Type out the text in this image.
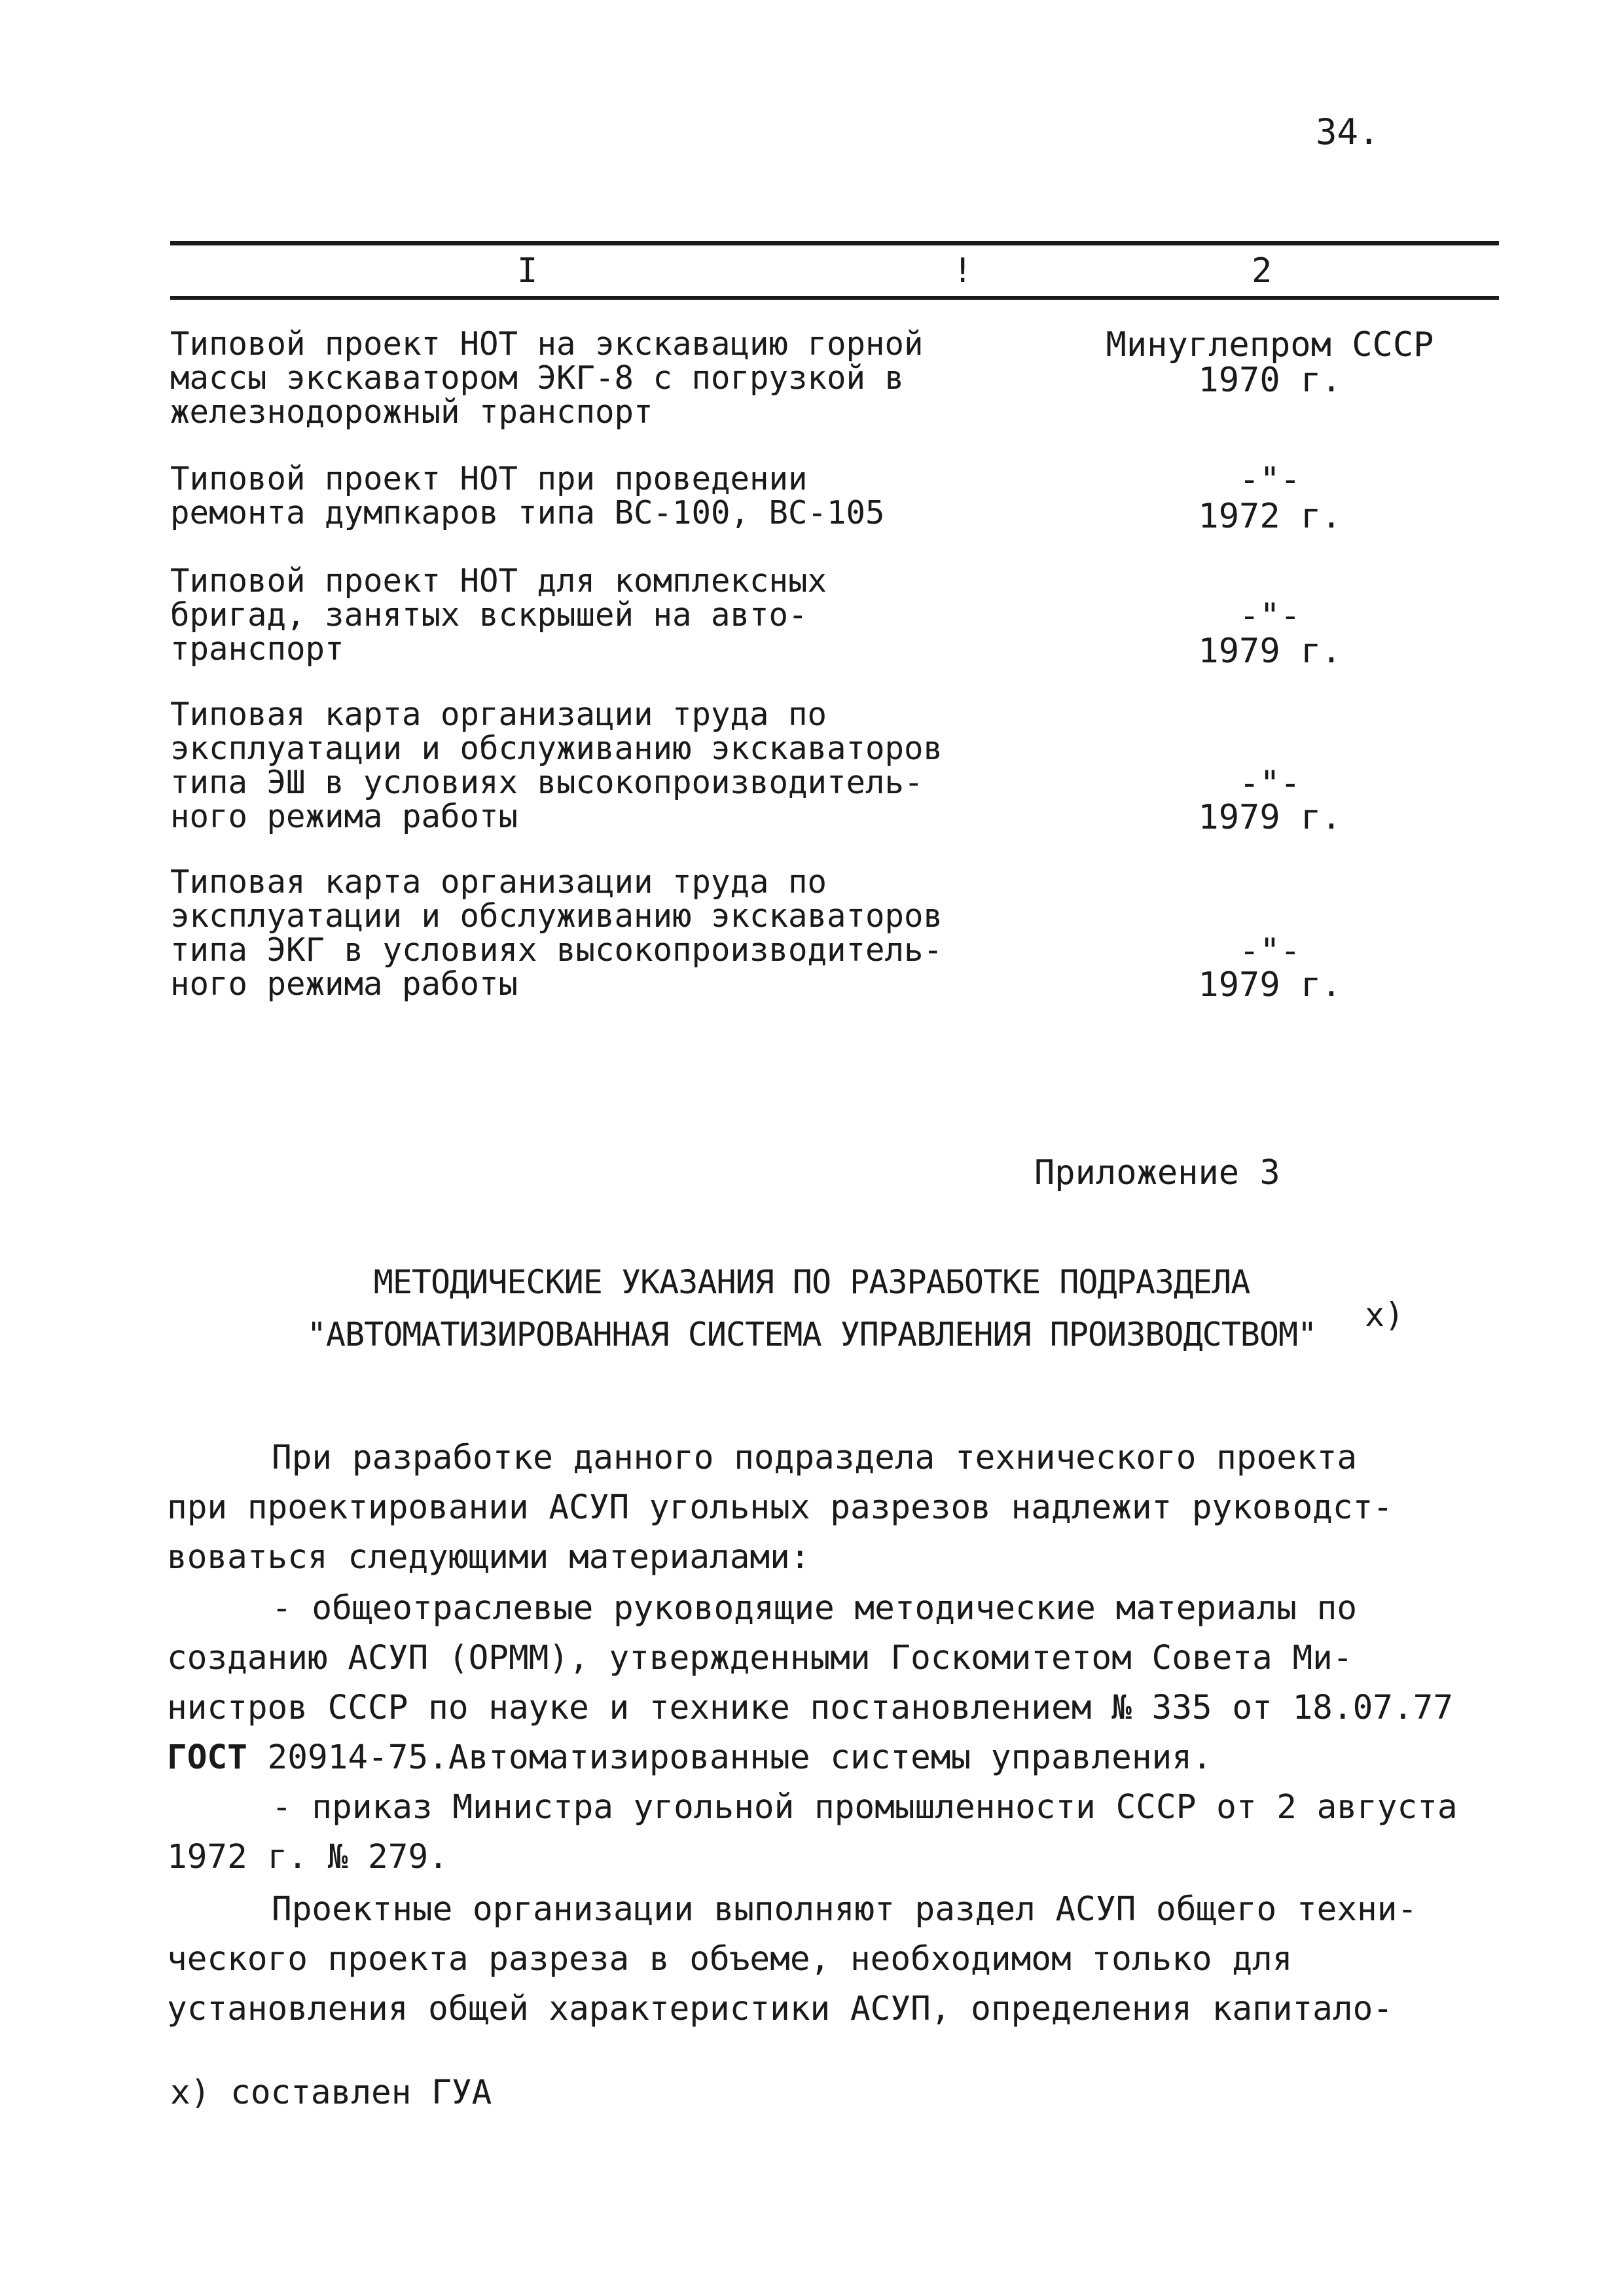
34.
I	!	2
Типовой проект НОТ на экскавацию горной
массы экскаватором ЭКГ-8 с погрузкой в
железнодорожный транспорт
Минуглепром СССР
1970 г.
Типовой проект НОТ при проведении
ремонта думпкаров типа ВС-100, ВС-105
-"-
1972 г.
Типовой проект НОТ для комплексных
бригад, занятых вскрышей на авто-
транспорт
-"-
1979 г.
Типовая карта организации труда по
эксплуатации и обслуживанию экскаваторов
типа ЭШ в условиях высокопроизводитель-
ного режима работы
-"-
1979 г.
Типовая карта организации труда по
эксплуатации и обслуживанию экскаваторов
типа ЭКГ в условиях высокопроизводитель-
ного режима работы
-"-
1979 г.
Приложение 3
МЕТОДИЧЕСКИЕ УКАЗАНИЯ ПО РАЗРАБОТКЕ ПОДРАЗДЕЛА
"АВТОМАТИЗИРОВАННАЯ СИСТЕМА УПРАВЛЕНИЯ ПРОИЗВОДСТВОМ"
х)
При разработке данного подраздела технического проекта
при проектировании АСУП угольных разрезов надлежит руководст-
воваться следующими материалами:
- общеотраслевые руководящие методические материалы по
созданию АСУП (ОРММ), утвержденными Госкомитетом Совета Ми-
нистров СССР по науке и технике постановлением № 335 от 18.07.77
ГОСТ 20914-75.Автоматизированные системы управления.
- приказ Министра угольной промышленности СССР от 2 августа
1972 г. № 279.
Проектные организации выполняют раздел АСУП общего техни-
ческого проекта разреза в объеме, необходимом только для
установления общей характеристики АСУП, определения капитало-
х) составлен ГУА
